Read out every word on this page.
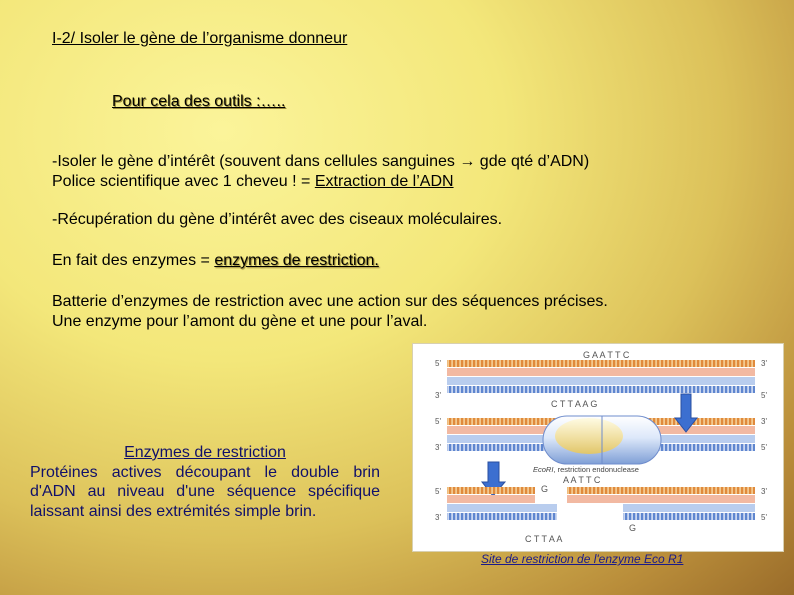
I-2/ Isoler le gène de l’organisme donneur
Pour cela des outils :…..
-Isoler le gène d’intérêt (souvent dans cellules sanguines → gde qté d’ADN)
Police scientifique avec 1 cheveu ! = Extraction de l’ADN
-Récupération du gène d’intérêt avec des ciseaux moléculaires.
En fait des enzymes = enzymes de restriction.
Batterie d’enzymes de restriction avec une action sur des séquences précises.
Une enzyme pour l’amont du gène et une pour l’aval.
Enzymes de restriction
Protéines actives découpant le double brin
d'ADN au niveau d'une séquence spécifique
laissant ainsi des extrémités simple brin.
5'	3'
G A A T T C
3'	5'
C T T A A G
5'	3'
3'	5'
EcoRI, restriction endonuclease
A A T T C
G
5'
3'
3'
5'
G
C T T A A
Site de restriction de l'enzyme Eco R1
